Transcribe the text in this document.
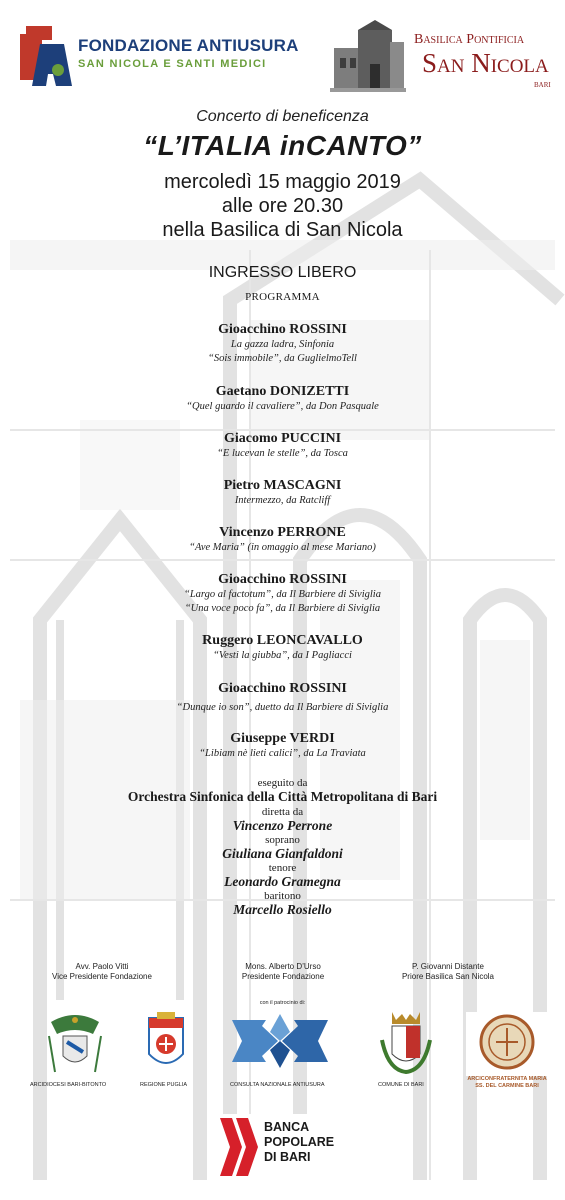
FONDAZIONE ANTIUSURA
SAN NICOLA E SANTI MEDICI
Basilica Pontificia
San Nicola
BARI
Concerto di beneficenza
“L’ITALIA inCANTO”
mercoledì 15 maggio 2019
alle ore 20.30
nella Basilica di San Nicola
INGRESSO LIBERO
PROGRAMMA
Gioacchino ROSSINI
La gazza ladra, Sinfonia
“Sois immobile”, da GuglielmoTell
Gaetano DONIZETTI
“Quel guardo il cavaliere”, da Don Pasquale
Giacomo PUCCINI
“E lucevan le stelle”, da Tosca
Pietro MASCAGNI
Intermezzo, da Ratcliff
Vincenzo PERRONE
“Ave Maria” (in omaggio al mese Mariano)
Gioacchino ROSSINI
“Largo al factotum”, da Il Barbiere di Siviglia
“Una voce poco fa”, da Il Barbiere di Siviglia
Ruggero LEONCAVALLO
“Vesti la giubba”, da I Pagliacci
Gioacchino ROSSINI
“Dunque io son”, duetto da Il Barbiere di Siviglia
Giuseppe VERDI
“Libiam nè lieti calici”, da La Traviata
eseguito da
Orchestra Sinfonica della Città Metropolitana di Bari
diretta da
Vincenzo Perrone
soprano
Giuliana Gianfaldoni
tenore
Leonardo Gramegna
baritono
Marcello Rosiello
Avv. Paolo Vitti
Vice Presidente Fondazione
Mons. Alberto D’Urso
Presidente Fondazione
P. Giovanni Distante
Priore Basilica San Nicola
con il patrocinio di:
ARCIDIOCESI BARI-BITONTO	REGIONE PUGLIA	CONSULTA NAZIONALE ANTIUSURA	COMUNE DI BARI
ARCICONFRATERNITA MARIA SS. DEL CARMINE BARI
BANCA
POPOLARE
DI BARI
